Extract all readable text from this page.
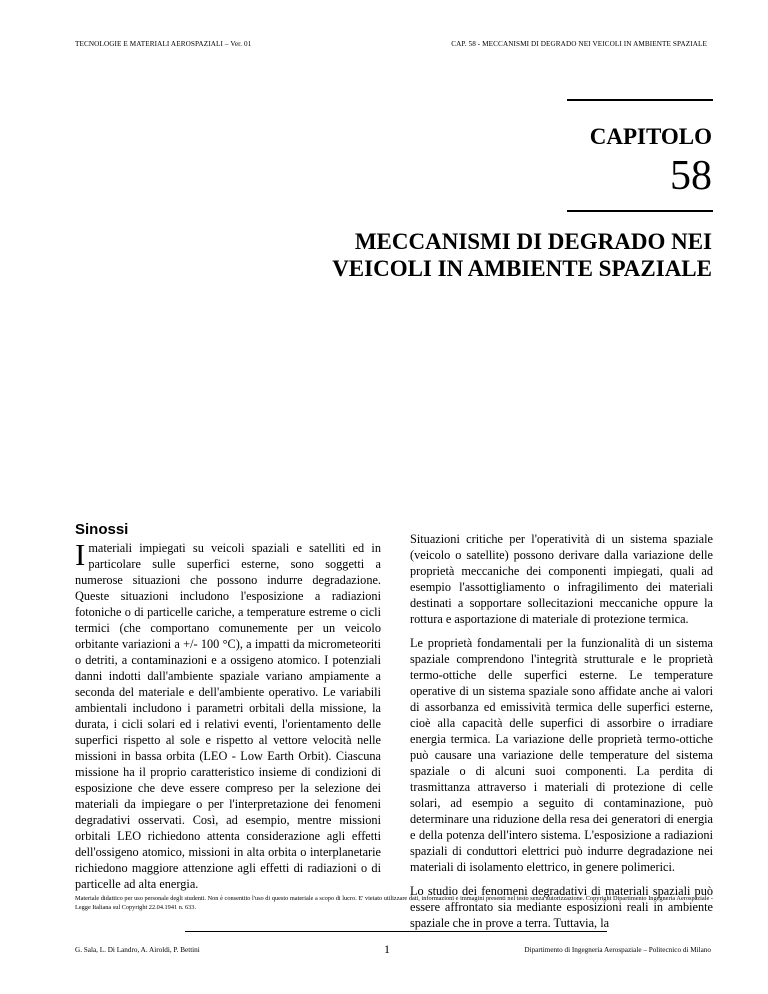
TECNOLOGIE E MATERIALI AEROSPAZIALI – Ver. 01	CAP. 58 - MECCANISMI DI DEGRADO NEI VEICOLI IN AMBIENTE SPAZIALE
CAPITOLO
58
MECCANISMI DI DEGRADO NEI VEICOLI IN AMBIENTE SPAZIALE
Sinossi

I materiali impiegati su veicoli spaziali e satelliti ed in particolare sulle superfici esterne, sono soggetti a numerose situazioni che possono indurre degradazione. Queste situazioni includono l'esposizione a radiazioni fotoniche o di particelle cariche, a temperature estreme o cicli termici (che comportano comunemente per un veicolo orbitante variazioni a +/- 100 °C), a impatti da micrometeoriti o detriti, a contaminazioni e a ossigeno atomico. I potenziali danni indotti dall'ambiente spaziale variano ampiamente a seconda del materiale e dell'ambiente operativo. Le variabili ambientali includono i parametri orbitali della missione, la durata, i cicli solari ed i relativi eventi, l'orientamento delle superfici rispetto al sole e rispetto al vettore velocità nelle missioni in bassa orbita (LEO - Low Earth Orbit). Ciascuna missione ha il proprio caratteristico insieme di condizioni di esposizione che deve essere compreso per la selezione dei materiali da impiegare o per l'interpretazione dei fenomeni degradativi osservati. Così, ad esempio, mentre missioni orbitali LEO richiedono attenta considerazione agli effetti dell'ossigeno atomico, missioni in alta orbita o interplanetarie richiedono maggiore attenzione agli effetti di radiazioni o di particelle ad alta energia.

Situazioni critiche per l'operatività di un sistema spaziale (veicolo o satellite) possono derivare dalla variazione delle proprietà meccaniche dei componenti impiegati, quali ad esempio l'assottigliamento o infragilimento dei materiali destinati a sopportare sollecitazioni meccaniche oppure la rottura e asportazione di materiale di protezione termica.

Le proprietà fondamentali per la funzionalità di un sistema spaziale comprendono l'integrità strutturale e le proprietà termo-ottiche delle superfici esterne. Le temperature operative di un sistema spaziale sono affidate anche ai valori di assorbanza ed emissività termica delle superfici esterne, cioè alla capacità delle superfici di assorbire o irradiare energia termica. La variazione delle proprietà termo-ottiche può causare una variazione delle temperature del sistema spaziale o di alcuni suoi componenti. La perdita di trasmittanza attraverso i materiali di protezione di celle solari, ad esempio a seguito di contaminazione, può determinare una riduzione della resa dei generatori di energia e della potenza dell'intero sistema. L'esposizione a radiazioni spaziali di conduttori elettrici può indurre degradazione nei materiali di isolamento elettrico, in genere polimerici.

Lo studio dei fenomeni degradativi di materiali spaziali può essere affrontato sia mediante esposizioni reali in ambiente spaziale che in prove a terra. Tuttavia, la

Materiale didattico per uso personale degli studenti. Non è consentito l'uso di questo materiale a scopo di lucro. E' vietato utilizzare dati, informazioni e immagini presenti nel testo senza autorizzazione. Copyright Dipartimento Ingegneria Aerospaziale - Legge Italiana sul Copyright 22.04.1941 n. 633.
G. Sala, L. Di Landro, A. Airoldi, P. Bettini	1	Dipartimento di Ingegneria Aerospaziale – Politecnico di Milano
